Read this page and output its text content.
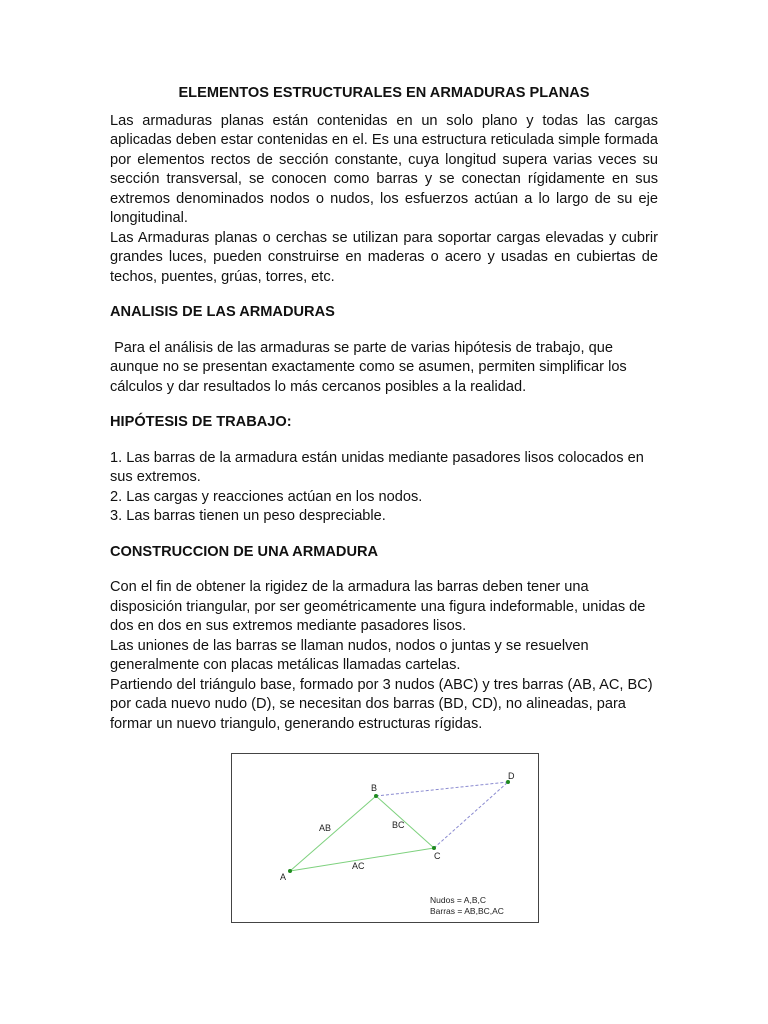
ELEMENTOS ESTRUCTURALES EN ARMADURAS PLANAS

Las armaduras planas están contenidas en un solo plano y todas las cargas aplicadas deben estar contenidas en el. Es una estructura reticulada simple formada por elementos rectos de sección constante, cuya longitud supera varias veces su sección transversal, se conocen como barras y se conectan rígidamente en sus extremos denominados nodos o nudos, los esfuerzos actúan a lo largo de su eje longitudinal.

Las Armaduras planas o cerchas se utilizan para soportar cargas elevadas y cubrir grandes luces, pueden construirse en maderas o acero y usadas en cubiertas de techos, puentes, grúas, torres, etc.

ANALISIS DE LAS ARMADURAS

Para el análisis de las armaduras se parte de varias hipótesis de trabajo, que aunque no se presentan exactamente como se asumen, permiten simplificar los cálculos y dar resultados lo más cercanos posibles a la realidad.

HIPÓTESIS DE TRABAJO:

1. Las barras de la armadura están unidas mediante pasadores lisos colocados en sus extremos.

2. Las cargas y reacciones actúan en los nodos.

3. Las barras tienen un peso despreciable.

CONSTRUCCION DE UNA ARMADURA

Con el fin de obtener la rigidez de la armadura las barras deben tener una disposición triangular, por ser geométricamente una figura indeformable, unidas de dos en dos en sus extremos mediante pasadores lisos.

Las uniones de las barras se llaman nudos, nodos o juntas y se resuelven generalmente con placas metálicas llamadas cartelas.

Partiendo del triángulo base, formado por 3 nudos (ABC) y tres barras (AB, AC, BC) por cada nuevo nudo (D), se necesitan dos barras (BD, CD), no alineadas, para formar un nuevo triangulo, generando estructuras rígidas.

A
B
C
D
AB	BC
AC
Nudos = A,B,C
Barras = AB,BC,AC
